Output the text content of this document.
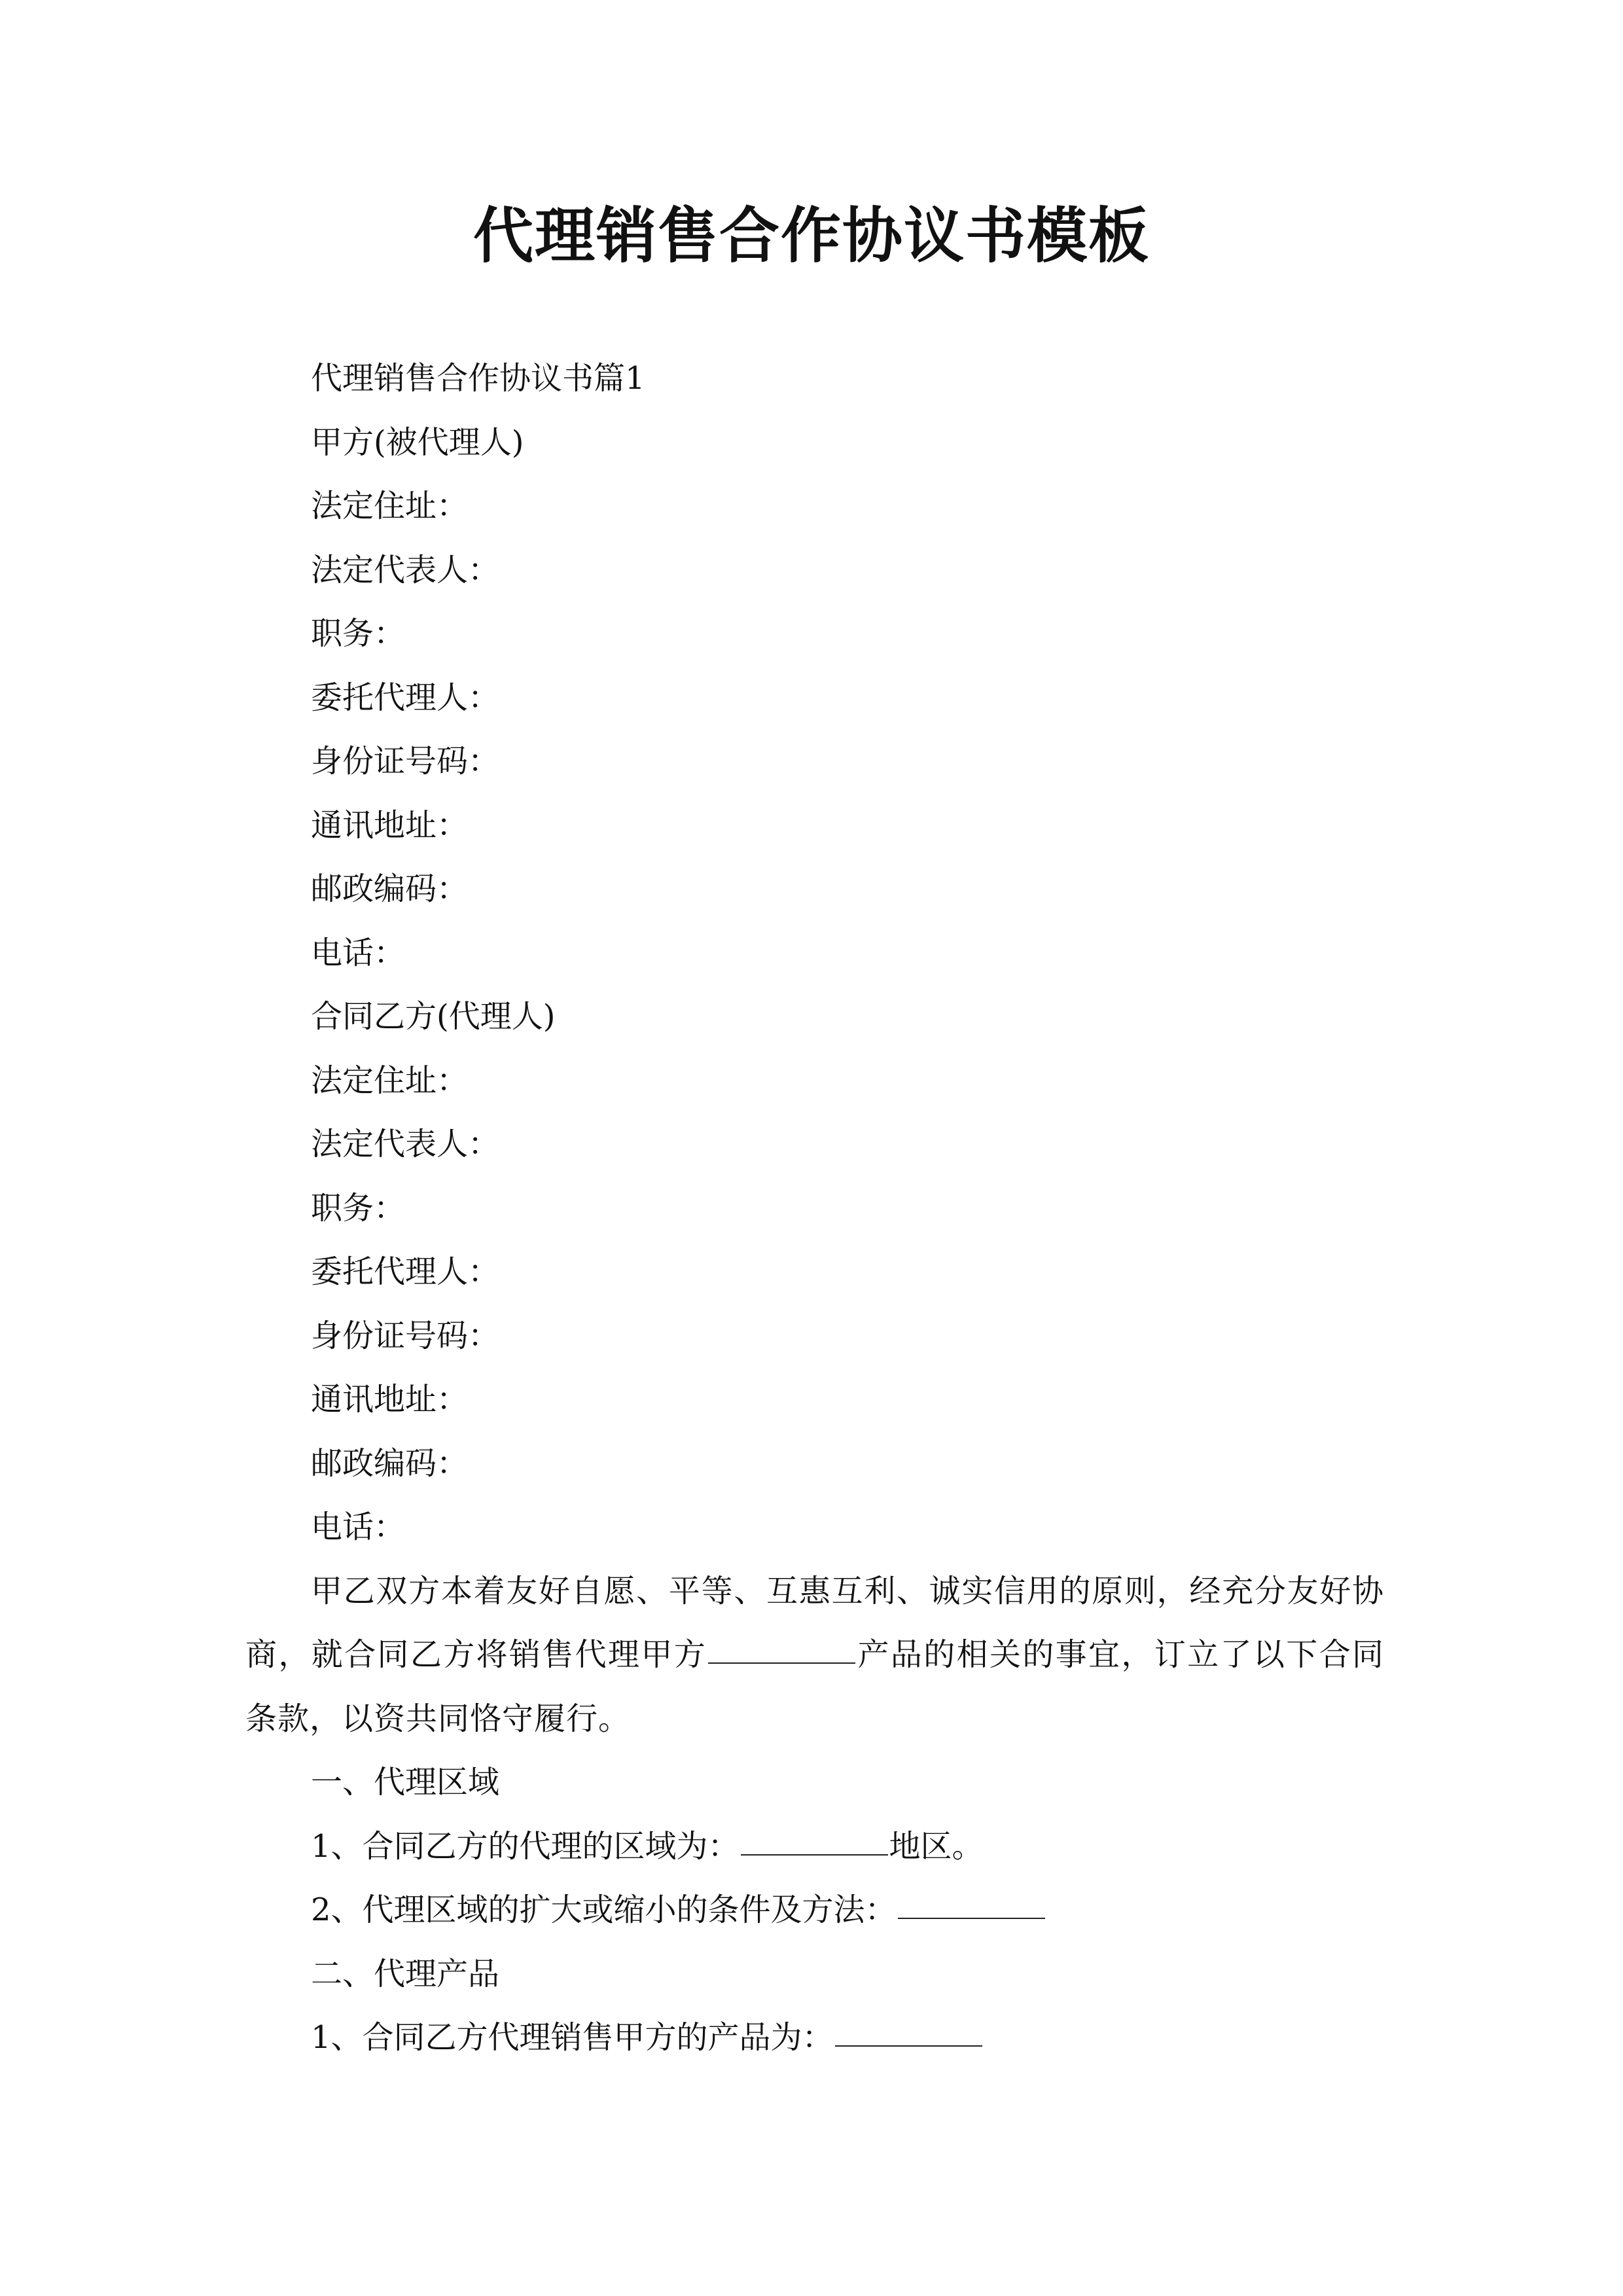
代理销售合作协议书模板

代理销售合作协议书篇1

甲方(被代理人)

法定住址：

法定代表人：

职务：

委托代理人：

身份证号码：

通讯地址：

邮政编码：

电话：

合同乙方(代理人)

法定住址：

法定代表人：

职务：

委托代理人：

身份证号码：

通讯地址：

邮政编码：

电话：

甲乙双方本着友好自愿、平等、互惠互利、诚实信用的原则，经充分友好协商，就合同乙方将销售代理甲方	产品的相关的事宜，订立了以下合同条款，以资共同恪守履行。

一、代理区域

1、合同乙方的代理的区域为：	地区。

2、代理区域的扩大或缩小的条件及方法：

二、代理产品

1、合同乙方代理销售甲方的产品为：
